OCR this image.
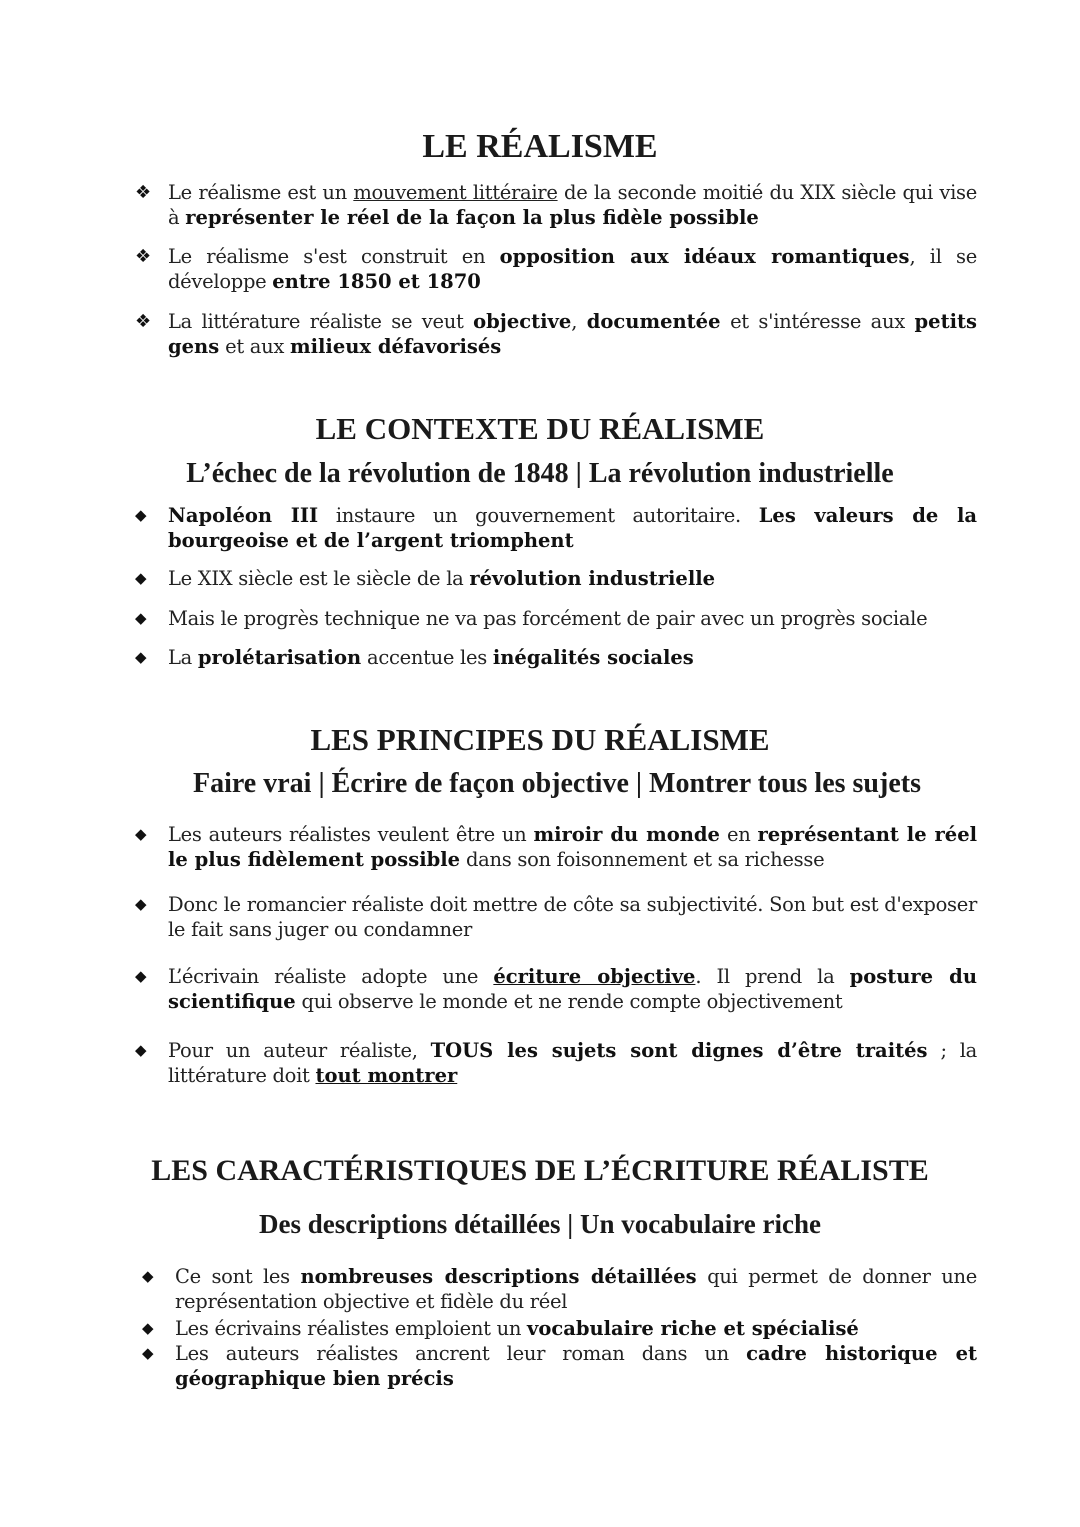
LE RÉALISME
❖ Le réalisme est un mouvement littéraire de la seconde moitié du XIX siècle qui vise à représenter le réel de la façon la plus fidèle possible
❖ Le réalisme s'est construit en opposition aux idéaux romantiques, il se développe entre 1850 et 1870
❖ La littérature réaliste se veut objective, documentée et s'intéresse aux petits gens et aux milieux défavorisés
LE CONTEXTE DU RÉALISME
L’échec de la révolution de 1848 | La révolution industrielle
◆	Napoléon III instaure un gouvernement autoritaire. Les valeurs de la bourgeoise et de l’argent triomphent
◆	Le XIX siècle est le siècle de la révolution industrielle
◆	Mais le progrès technique ne va pas forcément de pair avec un progrès sociale
◆	La prolétarisation accentue les inégalités sociales
LES PRINCIPES DU RÉALISME
Faire vrai | Écrire de façon objective | Montrer tous les sujets
◆	Les auteurs réalistes veulent être un miroir du monde en représentant le réel le plus fidèlement possible dans son foisonnement et sa richesse
◆	Donc le romancier réaliste doit mettre de côte sa subjectivité. Son but est d'exposer le fait sans juger ou condamner
◆	L’écrivain réaliste adopte une écriture objective. Il prend la posture du scientifique qui observe le monde et ne rende compte objectivement
◆	Pour un auteur réaliste, TOUS les sujets sont dignes d’être traités ; la littérature doit tout montrer
LES CARACTÉRISTIQUES DE L’ÉCRITURE RÉALISTE
Des descriptions détaillées | Un vocabulaire riche
◆	Ce sont les nombreuses descriptions détaillées qui permet de donner une représentation objective et fidèle du réel
◆	Les écrivains réalistes emploient un vocabulaire riche et spécialisé
◆	Les auteurs réalistes ancrent leur roman dans un cadre historique et géographique bien précis
